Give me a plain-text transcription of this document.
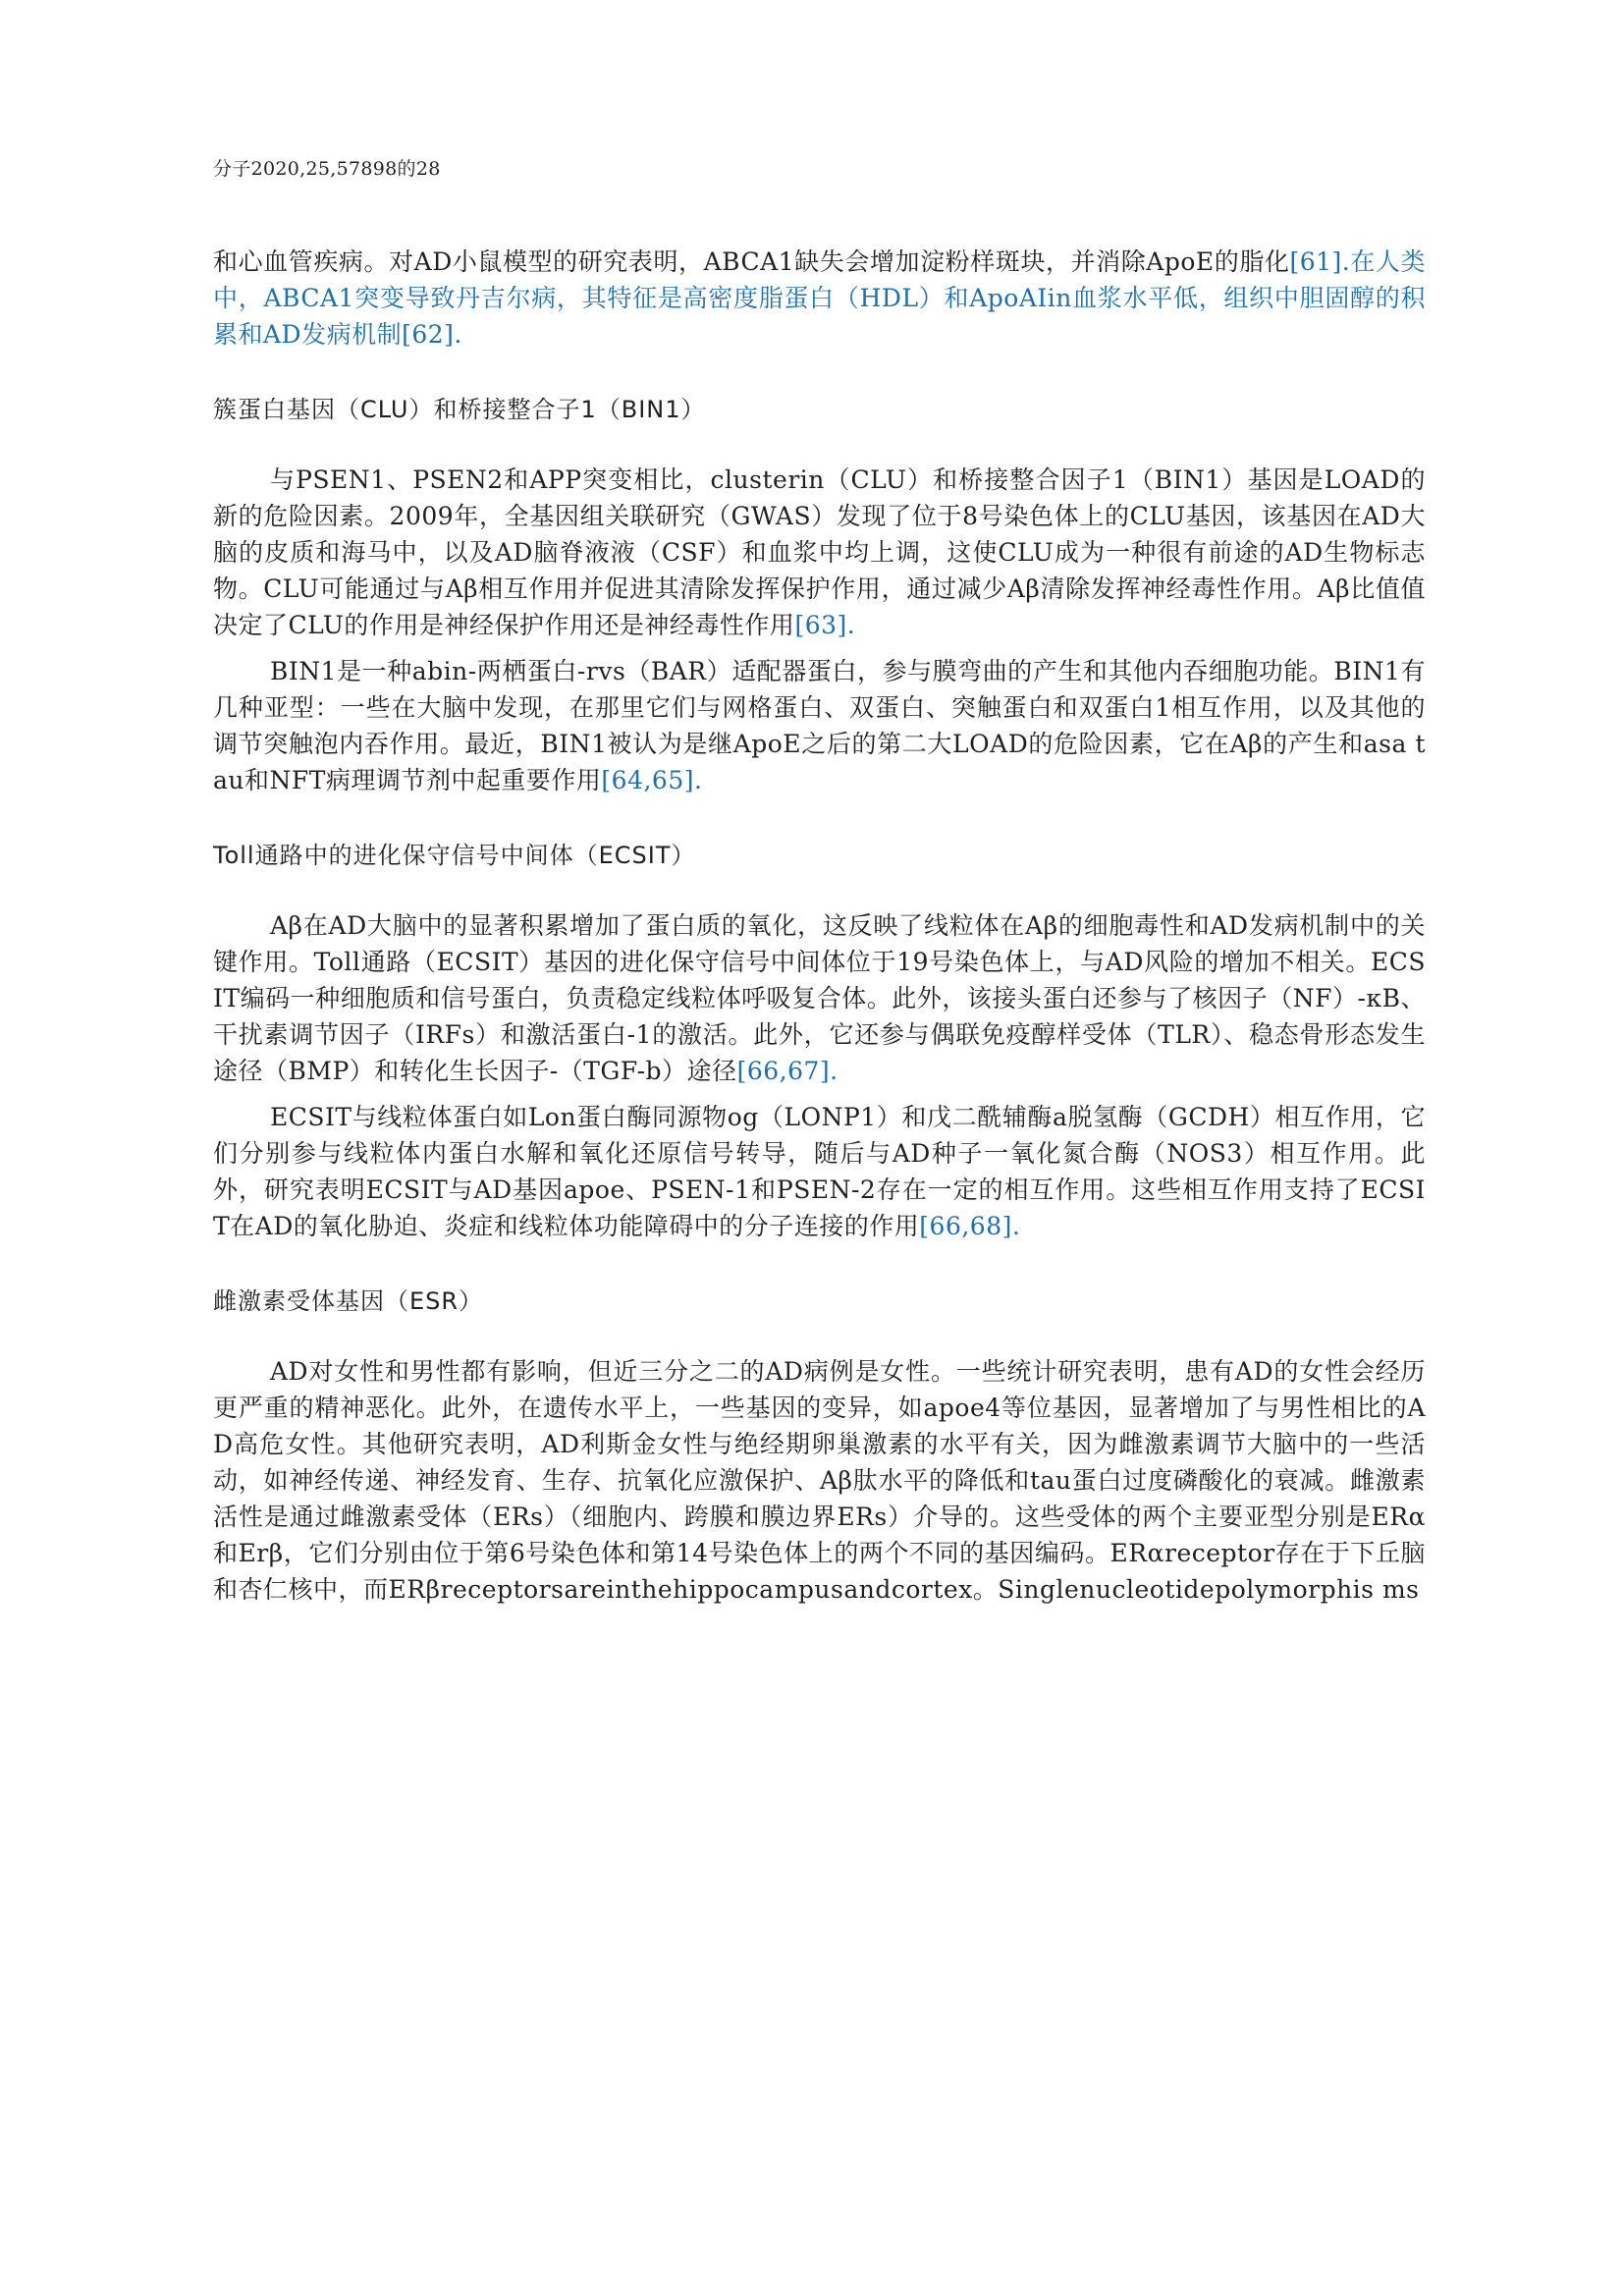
分子2020,25,57898的28

和心血管疾病。对AD小鼠模型的研究表明，ABCA1缺失会增加淀粉样斑块，并消除ApoE的脂化[61].在人类中，ABCA1突变导致丹吉尔病，其特征是高密度脂蛋白（HDL）和ApoAIin血浆水平低，组织中胆固醇的积累和AD发病机制[62].

簇蛋白基因（CLU）和桥接整合子1（BIN1）

与PSEN1、PSEN2和APP突变相比，clusterin（CLU）和桥接整合因子1（BIN1）基因是LOAD的新的危险因素。2009年，全基因组关联研究（GWAS）发现了位于8号染色体上的CLU基因，该基因在AD大脑的皮质和海马中，以及AD脑脊液液（CSF）和血浆中均上调，这使CLU成为一种很有前途的AD生物标志物。CLU可能通过与Aβ相互作用并促进其清除发挥保护作用，通过减少Aβ清除发挥神经毒性作用。Aβ比值值决定了CLU的作用是神经保护作用还是神经毒性作用[63].

BIN1是一种abin-两栖蛋白-rvs（BAR）适配器蛋白，参与膜弯曲的产生和其他内吞细胞功能。BIN1有几种亚型：一些在大脑中发现，在那里它们与网格蛋白、双蛋白、突触蛋白和双蛋白1相互作用，以及其他的调节突触泡内吞作用。最近，BIN1被认为是继ApoE之后的第二大LOAD的危险因素，它在Aβ的产生和asa tau和NFT病理调节剂中起重要作用[64,65].

Toll通路中的进化保守信号中间体（ECSIT）

Aβ在AD大脑中的显著积累增加了蛋白质的氧化，这反映了线粒体在Aβ的细胞毒性和AD发病机制中的关键作用。Toll通路（ECSIT）基因的进化保守信号中间体位于19号染色体上，与AD风险的增加不相关。ECSIT编码一种细胞质和信号蛋白，负责稳定线粒体呼吸复合体。此外，该接头蛋白还参与了核因子（NF）-κB、干扰素调节因子（IRFs）和激活蛋白-1的激活。此外，它还参与偶联免疫醇样受体（TLR）、稳态骨形态发生途径（BMP）和转化生长因子-（TGF-b）途径[66,67].

ECSIT与线粒体蛋白如Lon蛋白酶同源物og（LONP1）和戊二酰辅酶a脱氢酶（GCDH）相互作用，它们分别参与线粒体内蛋白水解和氧化还原信号转导，随后与AD种子一氧化氮合酶（NOS3）相互作用。此外，研究表明ECSIT与AD基因apoe、PSEN-1和PSEN-2存在一定的相互作用。这些相互作用支持了ECSIT在AD的氧化胁迫、炎症和线粒体功能障碍中的分子连接的作用[66,68].

雌激素受体基因（ESR）

AD对女性和男性都有影响，但近三分之二的AD病例是女性。一些统计研究表明，患有AD的女性会经历更严重的精神恶化。此外，在遗传水平上，一些基因的变异，如apoe4等位基因，显著增加了与男性相比的AD高危女性。其他研究表明，AD利斯金女性与绝经期卵巢激素的水平有关，因为雌激素调节大脑中的一些活动，如神经传递、神经发育、生存、抗氧化应激保护、Aβ肽水平的降低和tau蛋白过度磷酸化的衰减。雌激素活性是通过雌激素受体（ERs）（细胞内、跨膜和膜边界ERs）介导的。这些受体的两个主要亚型分别是ERα和Erβ，它们分别由位于第6号染色体和第14号染色体上的两个不同的基因编码。ERαreceptor存在于下丘脑和杏仁核中，而ERβreceptorsareinthehippocampusandcortex。Singlenucleotidepolymorphis ms
